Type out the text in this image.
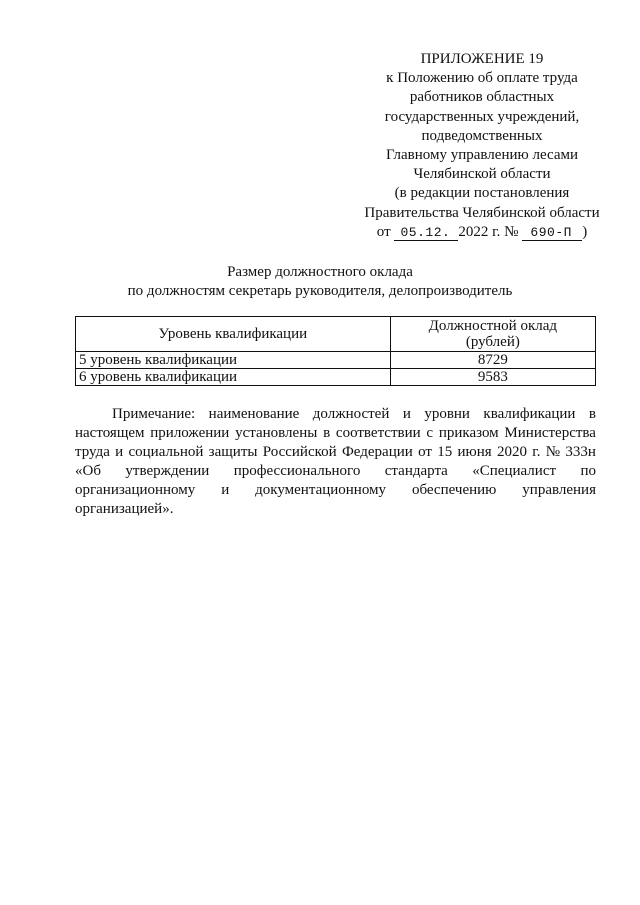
ПРИЛОЖЕНИЕ 19
к Положению об оплате труда
работников областных
государственных учреждений,
подведомственных
Главному управлению лесами
Челябинской области
(в редакции постановления
Правительства Челябинской области
от 05.12. 2022 г. № 690-П )
Размер должностного оклада
по должностям секретарь руководителя, делопроизводитель
Уровень квалификации	Должностной оклад
(рублей)

5 уровень квалификации	8729
6 уровень квалификации	9583
Примечание: наименование должностей и уровни квалификации в
настоящем приложении установлены в соответствии с приказом Министерства
труда и социальной защиты Российской Федерации от 15 июня 2020 г. № 333н
«Об утверждении профессионального стандарта «Специалист по
организационному и документационному обеспечению управления
организацией».
